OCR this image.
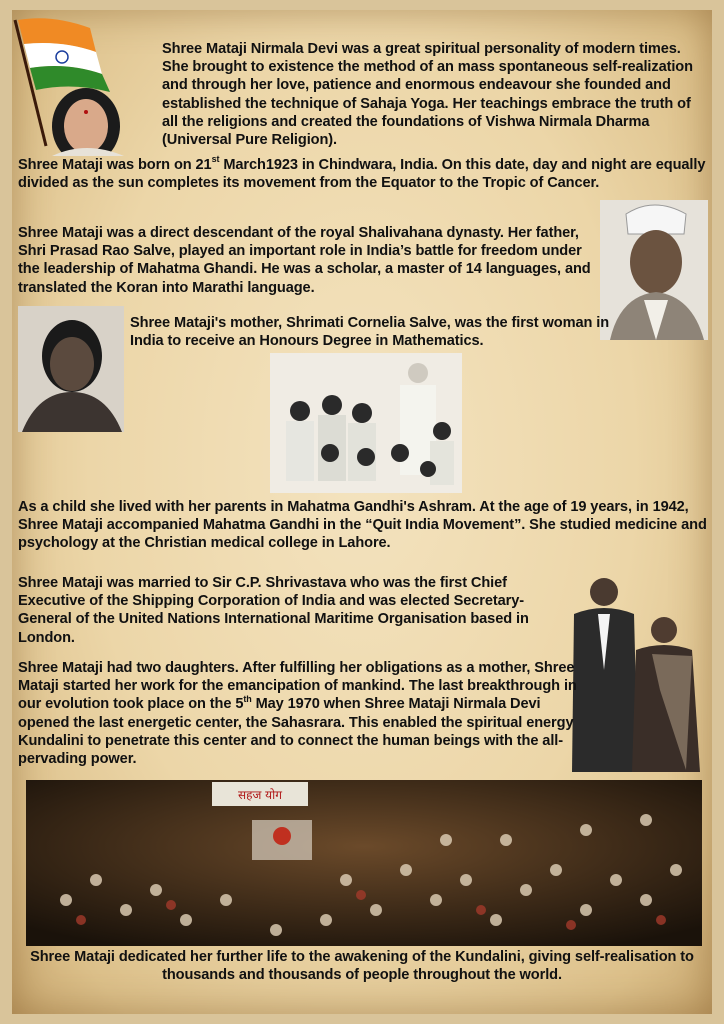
Shree Mataji Nirmala Devi was a great spiritual personality of modern times. She brought to existence the method of an mass spontaneous self-realization and through her love, patience and enormous endeavour she founded and established the technique of Sahaja Yoga. Her teachings embrace the truth of all the religions and created the foundations of Vishwa Nirmala Dharma (Universal Pure Religion).
Shree Mataji was born on 21st March1923 in Chindwara, India. On this date, day and night are equally divided as the sun completes its movement from the Equator to the Tropic of Cancer.
Shree Mataji was a direct descendant of the royal Shalivahana dynasty. Her father, Shri Prasad Rao Salve, played an important role in India’s battle for freedom under the leadership of Mahatma Ghandi. He was a scholar, a master of 14 languages, and translated the Koran into Marathi language.
Shree Mataji's mother, Shrimati Cornelia Salve, was the first woman in India to receive an Honours Degree in Mathematics.
As a child she lived with her parents in Mahatma Gandhi's Ashram. At the age of 19 years, in 1942, Shree Mataji accompanied Mahatma Gandhi in the “Quit India Movement”. She studied medicine and psychology at the Christian medical college in Lahore.
Shree Mataji was married to Sir C.P. Shrivastava who was the first Chief Executive of the Shipping Corporation of India and was elected Secretary-General of the United Nations International Maritime Organisation based in London.
Shree Mataji had two daughters. After fulfilling her obligations as a mother, Shree Mataji started her work for the emancipation of mankind. The last breakthrough in our evolution took place on the 5th May 1970 when Shree Mataji Nirmala Devi opened the last energetic center, the Sahasrara. This enabled the spiritual energy Kundalini to penetrate this center and to connect the human beings with the all-pervading power.
सहज योग
Shree Mataji dedicated her further life to the awakening of the Kundalini, giving self-realisation to thousands and thousands of people throughout the world.
